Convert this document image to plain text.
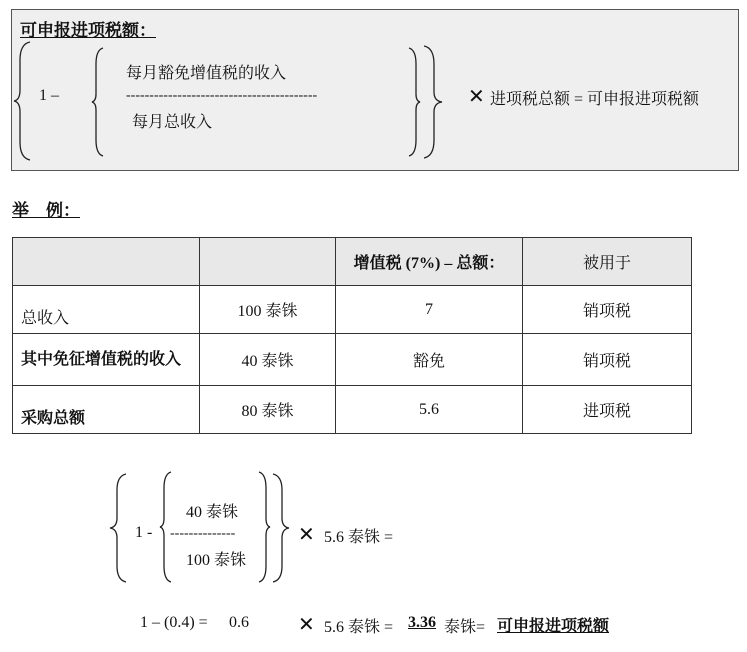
可申报进项税额：
1 –
每月豁免增值税的收入
-----------------------------------------
每月总收入
✕ 进项税总额 = 可申报进项税额
举　例：
		增值税 (7%) – 总额：	被用于
总收入	100 泰铢	7	销项税
其中免征增值税的收入	40 泰铢	豁免	销项税
采购总额	80 泰铢	5.6	进项税
1 -
40 泰铢
--------------
100 泰铢
✕ 5.6 泰铢 =
1 – (0.4) = 0.6 ✕ 5.6 泰铢 = 3.36 泰铢= 可申报进项税额
